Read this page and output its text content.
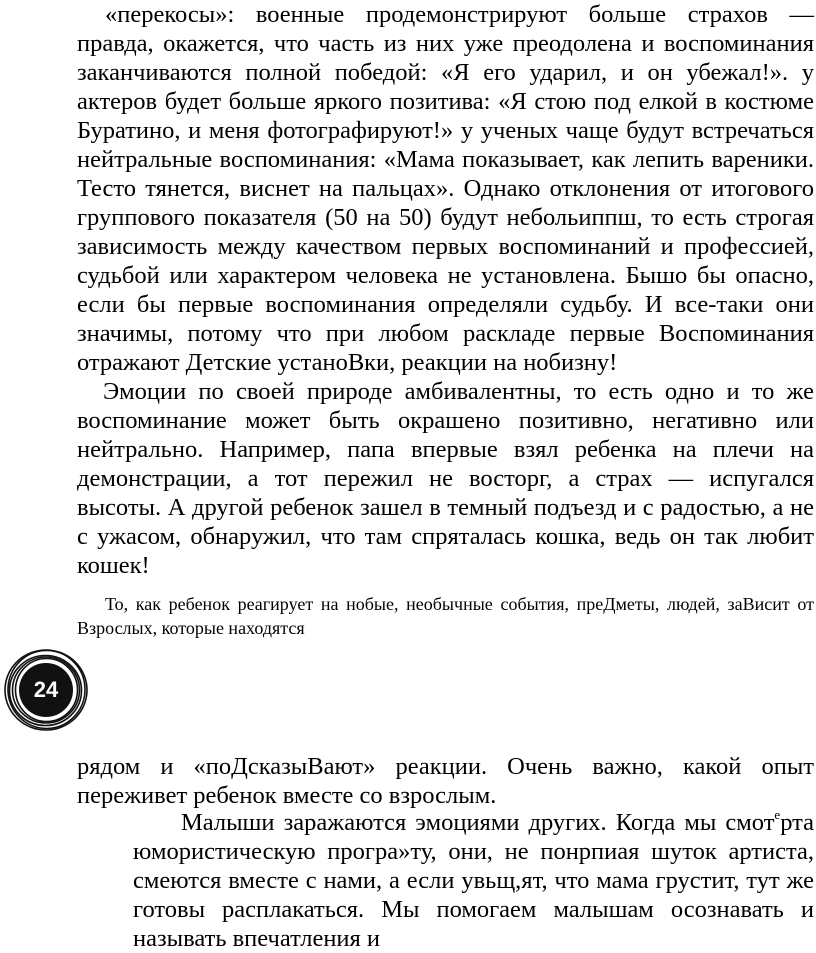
«перекосы»: военные продемонстрируют больше страхов — правда, окажется, что часть из них уже преодолена и воспоминания заканчиваются полной победой: «Я его ударил, и он убежал!». у актеров будет больше яркого позитива: «Я стою под елкой в костюме Буратино, и меня фотографируют!» у ученых чаще будут встречаться нейтральные воспоминания: «Мама показывает, как лепить вареники. Тесто тянется, виснет на пальцах». Однако отклонения от итогового группового показателя (50 на 50) будут небольиппш, то есть строгая зависимость между качеством первых воспоминаний и профессией, судьбой или характером человека не установлена. Бышо бы опасно, если бы первые воспоминания определяли судьбу. И все-таки они значимы, потому что при любом раскладе первые Воспоминания отражают Детские устаноВки, реакции на нобизну!

Эмоции по своей природе амбивалентны, то есть одно и то же воспоминание может быть окрашено позитивно, негативно или нейтрально. Например, папа впервые взял ребенка на плечи на демонстрации, а тот пережил не восторг, а страх — испугался высоты. А другой ребенок зашел в темный подъезд и с радостью, а не с ужасом, обнаружил, что там спряталась кошка, ведь он так любит кошек!

То, как ребенок реагирует на нобые, необычные события, преДметы, людей, заВисит от Взрослых, которые находятся

24

рядом и «поДсказыВают» реакции. Очень важно, какой опыт переживет ребенок вместе со взрослым.

Малыши заражаются эмоциями других. Когда мы смот$^е$рта юмористическую програ»ту, они, не понрпиая шуток артиста, смеются вместе с нами, а если увьщ,ят, что мама грустит, тут же готовы расплакаться. Мы помогаем малышам осознавать и называть впечатления и
